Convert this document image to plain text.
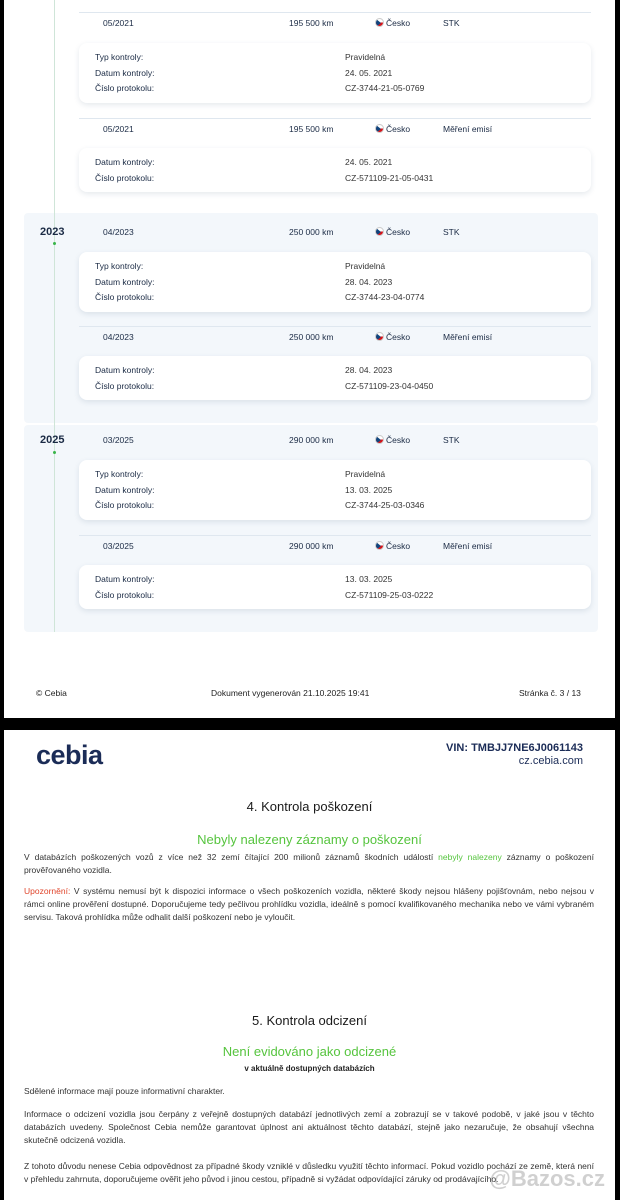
2023
2025
05/2021	195 500 km	Česko	STK
Typ kontroly:	Pravidelná
Datum kontroly:	24. 05. 2021
Číslo protokolu:	CZ-3744-21-05-0769
05/2021	195 500 km	Česko	Měření emisí
Datum kontroly:	24. 05. 2021
Číslo protokolu:	CZ-571109-21-05-0431
04/2023	250 000 km	Česko	STK
Typ kontroly:	Pravidelná
Datum kontroly:	28. 04. 2023
Číslo protokolu:	CZ-3744-23-04-0774
04/2023	250 000 km	Česko	Měření emisí
Datum kontroly:	28. 04. 2023
Číslo protokolu:	CZ-571109-23-04-0450
03/2025	290 000 km	Česko	STK
Typ kontroly:	Pravidelná
Datum kontroly:	13. 03. 2025
Číslo protokolu:	CZ-3744-25-03-0346
03/2025	290 000 km	Česko	Měření emisí
Datum kontroly:	13. 03. 2025
Číslo protokolu:	CZ-571109-25-03-0222
© Cebia	Dokument vygenerován 21.10.2025 19:41	Stránka č. 3 / 13
cebia	VIN: TMBJJ7NE6J0061143
cz.cebia.com
4. Kontrola poškození
Nebyly nalezeny záznamy o poškození
V databázích poškozených vozů z více než 32 zemí čítající 200 milionů záznamů škodních událostí nebyly nalezeny záznamy o poškození prověřovaného vozidla.
Upozornění: V systému nemusí být k dispozici informace o všech poškozeních vozidla, některé škody nejsou hlášeny pojišťovnám, nebo nejsou v rámci online prověření dostupné. Doporučujeme tedy pečlivou prohlídku vozidla, ideálně s pomocí kvalifikovaného mechanika nebo ve vámi vybraném servisu. Taková prohlídka může odhalit další poškození nebo je vyloučit.
5. Kontrola odcizení
Není evidováno jako odcizené
v aktuálně dostupných databázích
Sdělené informace mají pouze informativní charakter.
Informace o odcizení vozidla jsou čerpány z veřejně dostupných databází jednotlivých zemí a zobrazují se v takové podobě, v jaké jsou v těchto databázích uvedeny. Společnost Cebia nemůže garantovat úplnost ani aktuálnost těchto databází, stejně jako nezaručuje, že obsahují všechna skutečně odcizená vozidla.
Z tohoto důvodu nenese Cebia odpovědnost za případné škody vzniklé v důsledku využití těchto informací. Pokud vozidlo pochází ze země, která není v přehledu zahrnuta, doporučujeme ověřit jeho původ i jinou cestou, případně si vyžádat odpovídající záruky od prodávajícího.
@Bazos.cz
